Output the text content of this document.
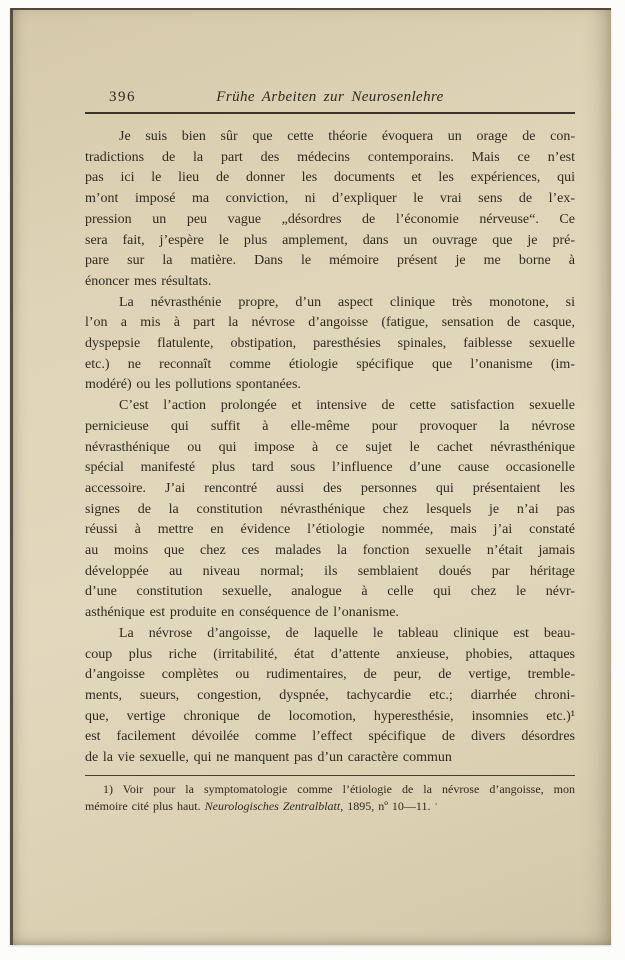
396	Frühe Arbeiten zur Neurosenlehre
Je suis bien sûr que cette théorie évoquera un orage de con-
tradictions de la part des médecins contemporains. Mais ce n’est
pas ici le lieu de donner les documents et les expériences, qui
m’ont imposé ma conviction, ni d’expliquer le vrai sens de l’ex-
pression un peu vague „désordres de l’économie nérveuse“. Ce
sera fait, j’espère le plus amplement, dans un ouvrage que je pré-
pare sur la matière. Dans le mémoire présent je me borne à
énoncer mes résultats.
La névrasthénie propre, d’un aspect clinique très monotone, si
l’on a mis à part la névrose d’angoisse (fatigue, sensation de casque,
dyspepsie flatulente, obstipation, paresthésies spinales, faiblesse sexuelle
etc.) ne reconnaît comme étiologie spécifique que l’onanisme (im-
modéré) ou les pollutions spontanées.
C’est l’action prolongée et intensive de cette satisfaction sexuelle
pernicieuse qui suffit à elle-même pour provoquer la névrose
névrasthénique ou qui impose à ce sujet le cachet névrasthénique
spécial manifesté plus tard sous l’influence d’une cause occasionelle
accessoire. J’ai rencontré aussi des personnes qui présentaient les
signes de la constitution névrasthénique chez lesquels je n’ai pas
réussi à mettre en évidence l’étiologie nommée, mais j’ai constaté
au moins que chez ces malades la fonction sexuelle n’était jamais
développée au niveau normal; ils semblaient doués par héritage
d’une constitution sexuelle, analogue à celle qui chez le névr-
asthénique est produite en conséquence de l’onanisme.
La névrose d’angoisse, de laquelle le tableau clinique est beau-
coup plus riche (irritabilité, état d’attente anxieuse, phobies, attaques
d’angoisse complètes ou rudimentaires, de peur, de vertige, tremble-
ments, sueurs, congestion, dyspnée, tachycardie etc.; diarrhée chroni-
que, vertige chronique de locomotion, hyperesthésie, insomnies etc.)¹
est facilement dévoilée comme l’effect spécifique de divers désordres
de la vie sexuelle, qui ne manquent pas d’un caractère commun
1) Voir pour la symptomatologie comme l’étiologie de la névrose d’angoisse, mon
mémoire cité plus haut. Neurologisches Zentralblatt, 1895, nº 10—11. ʼ
